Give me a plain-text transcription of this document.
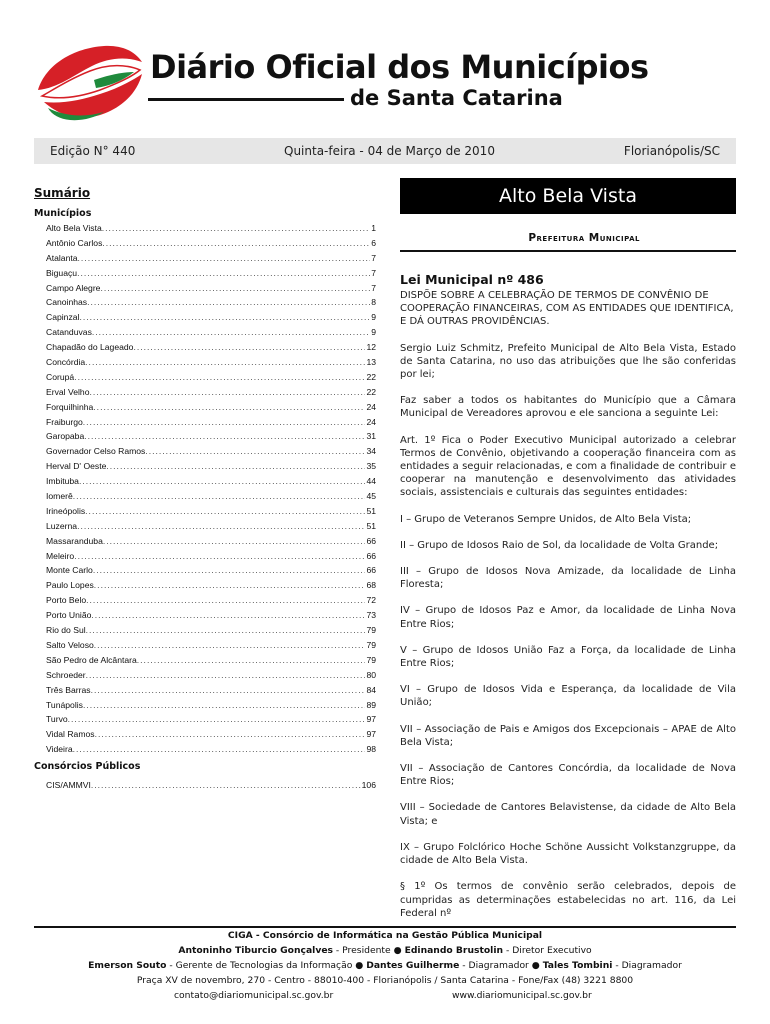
Diário Oficial dos Municípios
de Santa Catarina
Edição N° 440	Quinta-feira - 04 de Março de 2010	Florianópolis/SC
Sumário
Municípios
Alto Bela Vista .....	1
Antônio Carlos .....	6
Atalanta .....	7
Biguaçu .....	7
Campo Alegre .....	7
Canoinhas .....	8
Capinzal .....	9
Catanduvas .....	9
Chapadão do Lageado .....	12
Concórdia .....	13
Corupá .....	22
Erval Velho .....	22
Forquilhinha .....	24
Fraiburgo .....	24
Garopaba .....	31
Governador Celso Ramos .....	34
Herval D' Oeste .....	35
Imbituba .....	44
Iomerê .....	45
Irineópolis .....	51
Luzerna .....	51
Massaranduba .....	66
Meleiro .....	66
Monte Carlo .....	66
Paulo Lopes .....	68
Porto Belo .....	72
Porto União .....	73
Rio do Sul .....	79
Salto Veloso .....	79
São Pedro de Alcântara .....	79
Schroeder .....	80
Três Barras .....	84
Tunápolis .....	89
Turvo .....	97
Vidal Ramos .....	97
Videira .....	98
Consórcios Públicos
CIS/AMMVI .....	106
Alto Bela Vista
Prefeitura Municipal
Lei Municipal nº 486
DISPÕE SOBRE A CELEBRAÇÃO DE TERMOS DE CONVÊNIO DE COOPERAÇÃO FINANCEIRAS, COM AS ENTIDADES QUE IDENTIFICA, E DÁ OUTRAS PROVIDÊNCIAS.
Sergio Luiz Schmitz, Prefeito Municipal de Alto Bela Vista, Estado de Santa Catarina, no uso das atribuições que lhe são conferidas por lei;
Faz saber a todos os habitantes do Município que a Câmara Municipal de Vereadores aprovou e ele sanciona a seguinte Lei:
Art. 1º Fica o Poder Executivo Municipal autorizado a celebrar Termos de Convênio, objetivando a cooperação financeira com as entidades a seguir relacionadas, e com a finalidade de contribuir e cooperar na manutenção e desenvolvimento das atividades sociais, assistenciais e culturais das seguintes entidades:
I – Grupo de Veteranos Sempre Unidos, de Alto Bela Vista;
II – Grupo de Idosos Raio de Sol, da localidade de Volta Grande;
III – Grupo de Idosos Nova Amizade, da localidade de Linha Floresta;
IV – Grupo de Idosos Paz e Amor, da localidade de Linha Nova Entre Rios;
V – Grupo de Idosos União Faz a Força, da localidade de Linha Entre Rios;
VI – Grupo de Idosos Vida e Esperança, da localidade de Vila União;
VII – Associação de Pais e Amigos dos Excepcionais – APAE de Alto Bela Vista;
VII – Associação de Cantores Concórdia, da localidade de Nova Entre Rios;
VIII – Sociedade de Cantores Belavistense, da cidade de Alto Bela Vista; e
IX – Grupo Folclórico Hoche Schöne Aussicht Volkstanzgruppe, da cidade de Alto Bela Vista.
§ 1º Os termos de convênio serão celebrados, depois de cumpridas as determinações estabelecidas no art. 116, da Lei Federal nº
CIGA - Consórcio de Informática na Gestão Pública Municipal
Antoninho Tiburcio Gonçalves - Presidente ● Edinando Brustolin - Diretor Executivo
Emerson Souto - Gerente de Tecnologias da Informação ● Dantes Guilherme - Diagramador ● Tales Tombini - Diagramador
Praça XV de novembro, 270 - Centro - 88010-400 - Florianópolis / Santa Catarina - Fone/Fax (48) 3221 8800
contato@diariomunicipal.sc.gov.br	www.diariomunicipal.sc.gov.br
